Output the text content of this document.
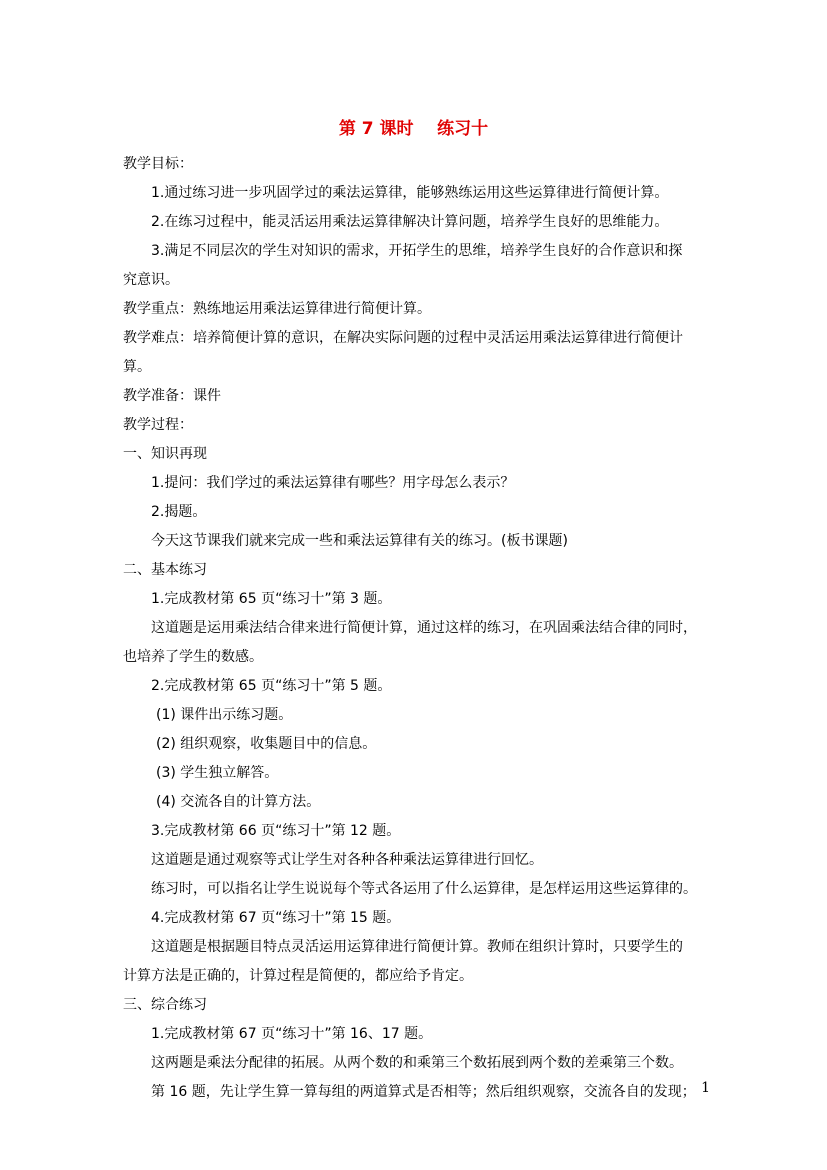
第 7 课时    练习十
教学目标：
1.通过练习进一步巩固学过的乘法运算律，能够熟练运用这些运算律进行简便计算。
2.在练习过程中，能灵活运用乘法运算律解决计算问题，培养学生良好的思维能力。
3.满足不同层次的学生对知识的需求，开拓学生的思维，培养学生良好的合作意识和探
究意识。
教学重点：熟练地运用乘法运算律进行简便计算。
教学难点：培养简便计算的意识，在解决实际问题的过程中灵活运用乘法运算律进行简便计
算。
教学准备：课件
教学过程：
一、知识再现
1.提问：我们学过的乘法运算律有哪些？用字母怎么表示？
2.揭题。
今天这节课我们就来完成一些和乘法运算律有关的练习。(板书课题)
二、基本练习
1.完成教材第 65 页“练习十”第 3 题。
这道题是运用乘法结合律来进行简便计算，通过这样的练习，在巩固乘法结合律的同时，
也培养了学生的数感。
2.完成教材第 65 页“练习十”第 5 题。
(1) 课件出示练习题。
(2) 组织观察，收集题目中的信息。
(3) 学生独立解答。
(4) 交流各自的计算方法。
3.完成教材第 66 页“练习十”第 12 题。
这道题是通过观察等式让学生对各种各种乘法运算律进行回忆。
练习时，可以指名让学生说说每个等式各运用了什么运算律，是怎样运用这些运算律的。
4.完成教材第 67 页“练习十”第 15 题。
这道题是根据题目特点灵活运用运算律进行简便计算。教师在组织计算时，只要学生的
计算方法是正确的，计算过程是简便的，都应给予肯定。
三、综合练习
1.完成教材第 67 页“练习十”第 16、17 题。
这两题是乘法分配律的拓展。从两个数的和乘第三个数拓展到两个数的差乘第三个数。
第 16 题，先让学生算一算每组的两道算式是否相等；然后组织观察，交流各自的发现； 1
